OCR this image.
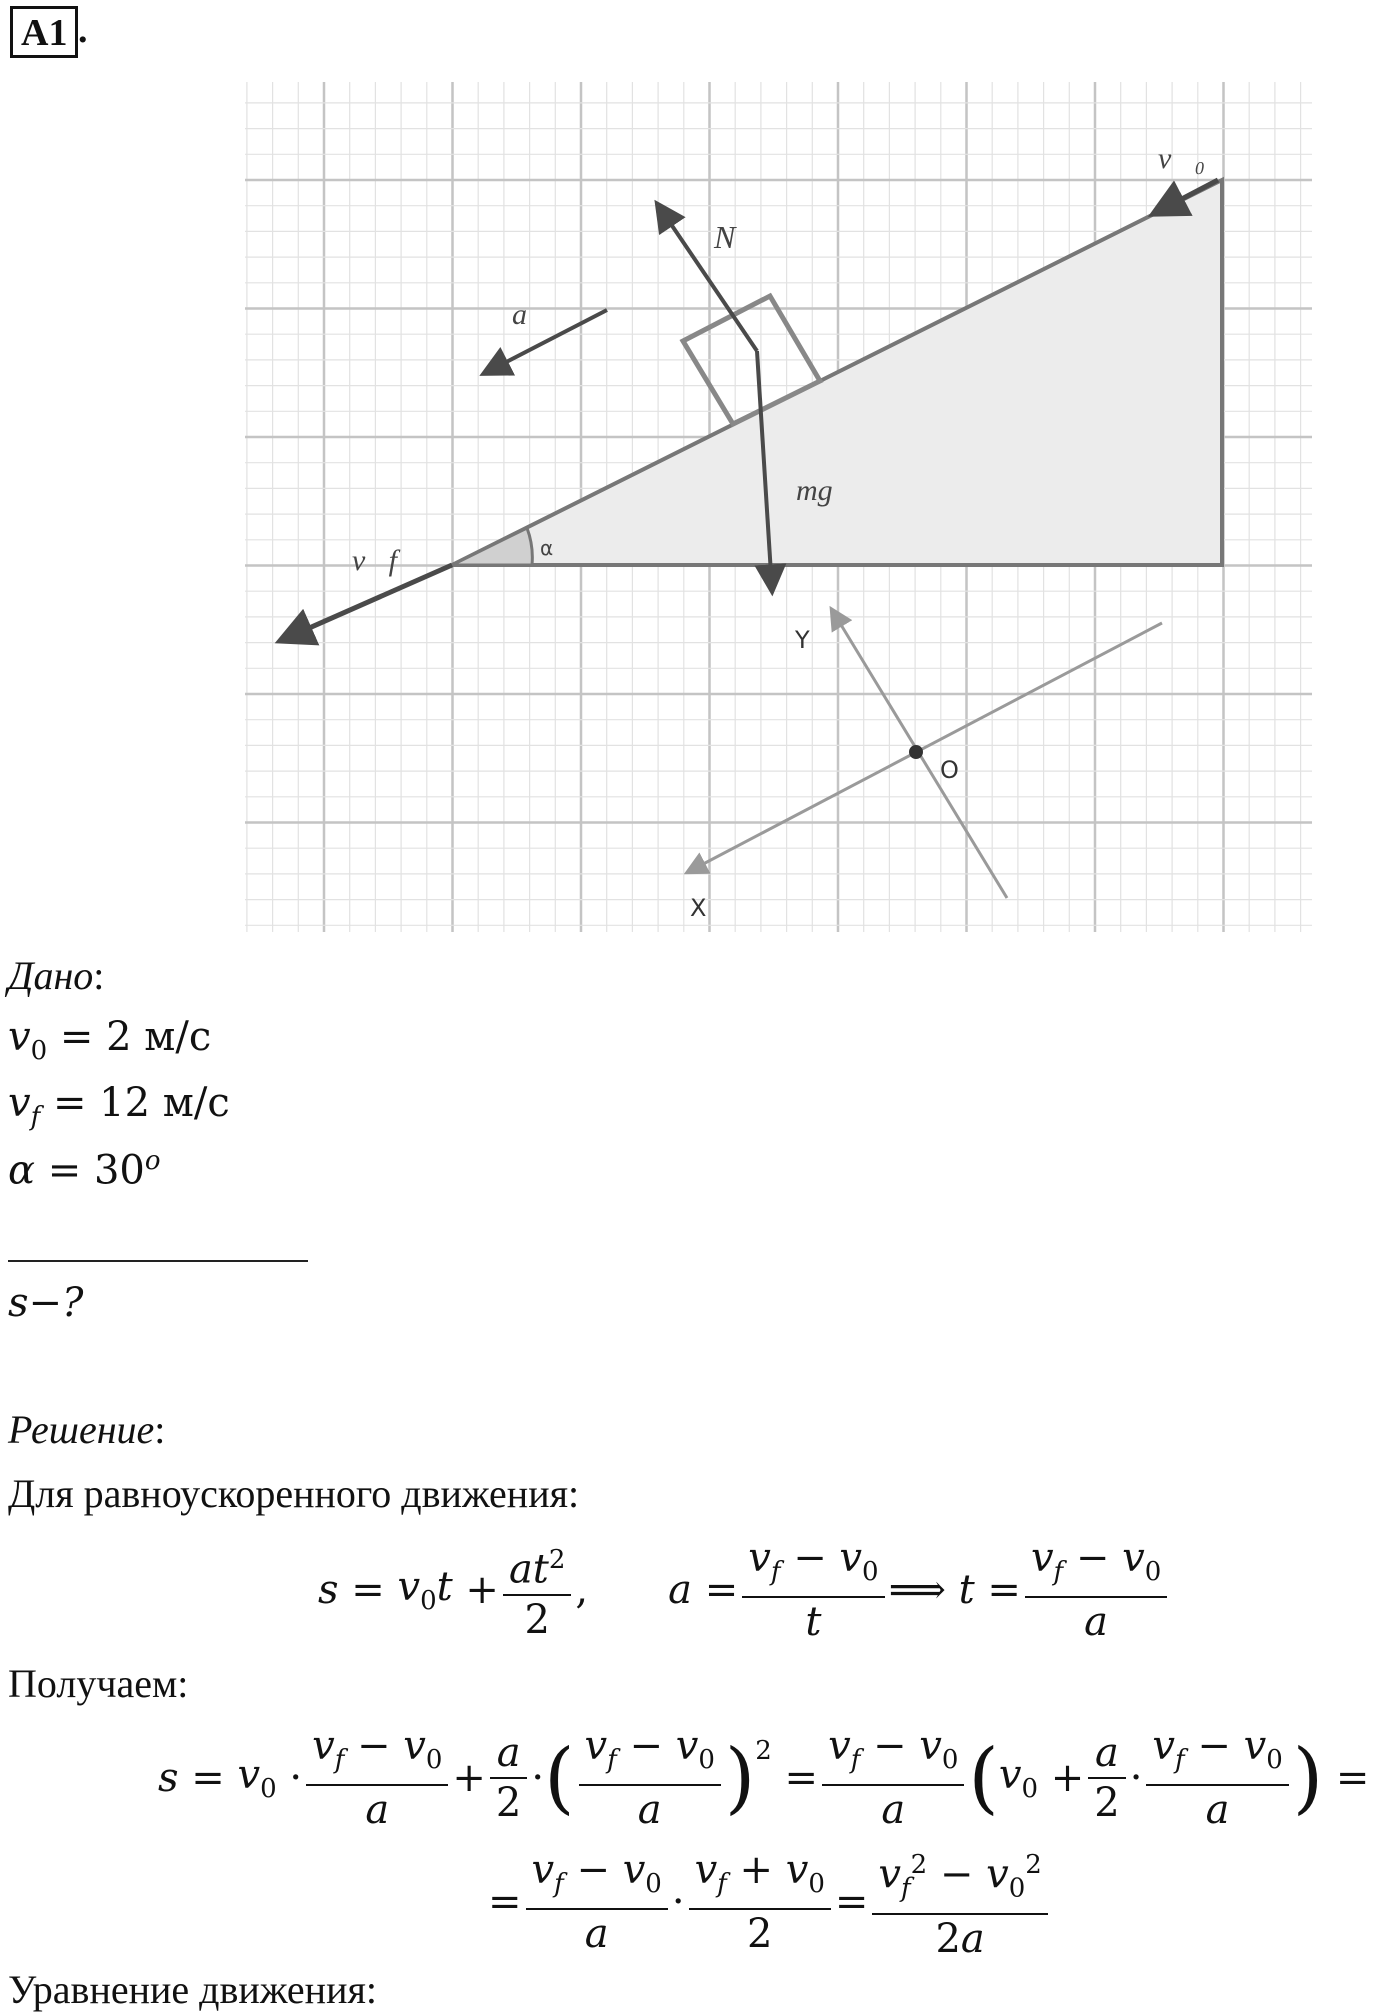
A1 .
v⃗₀
N⃗
a⃗
mg⃗
v⃗f	α
Y
O
X
Дано:
$v_0 = 2$ м/с
$v_f = 12$ м/с
$\alpha = 30^o$
s−?
Решение:
Для равноускоренного движения:
$s = v_0t + \frac{at^2}{2}$ , $a = \frac{v_f - v_0}{t}$ ⟹ $t = \frac{v_f - v_0}{a}$
Получаем:
$s = v_0 \cdot \frac{v_f - v_0}{a} + \frac{a}{2}$ · ( $\frac{v_f - v_0}{a} )^2$
= $\frac{v_f - v_0}{a}$ ( $v_0 + \frac{a}{2} \cdot \frac{v_f - v_0}{a}$ ) =
= $\frac{v_f - v_0}{a} \cdot \frac{v_f + v_0}{2} = \frac{v_f^2 - v_0^2}{2a}$
Уравнение движения:
